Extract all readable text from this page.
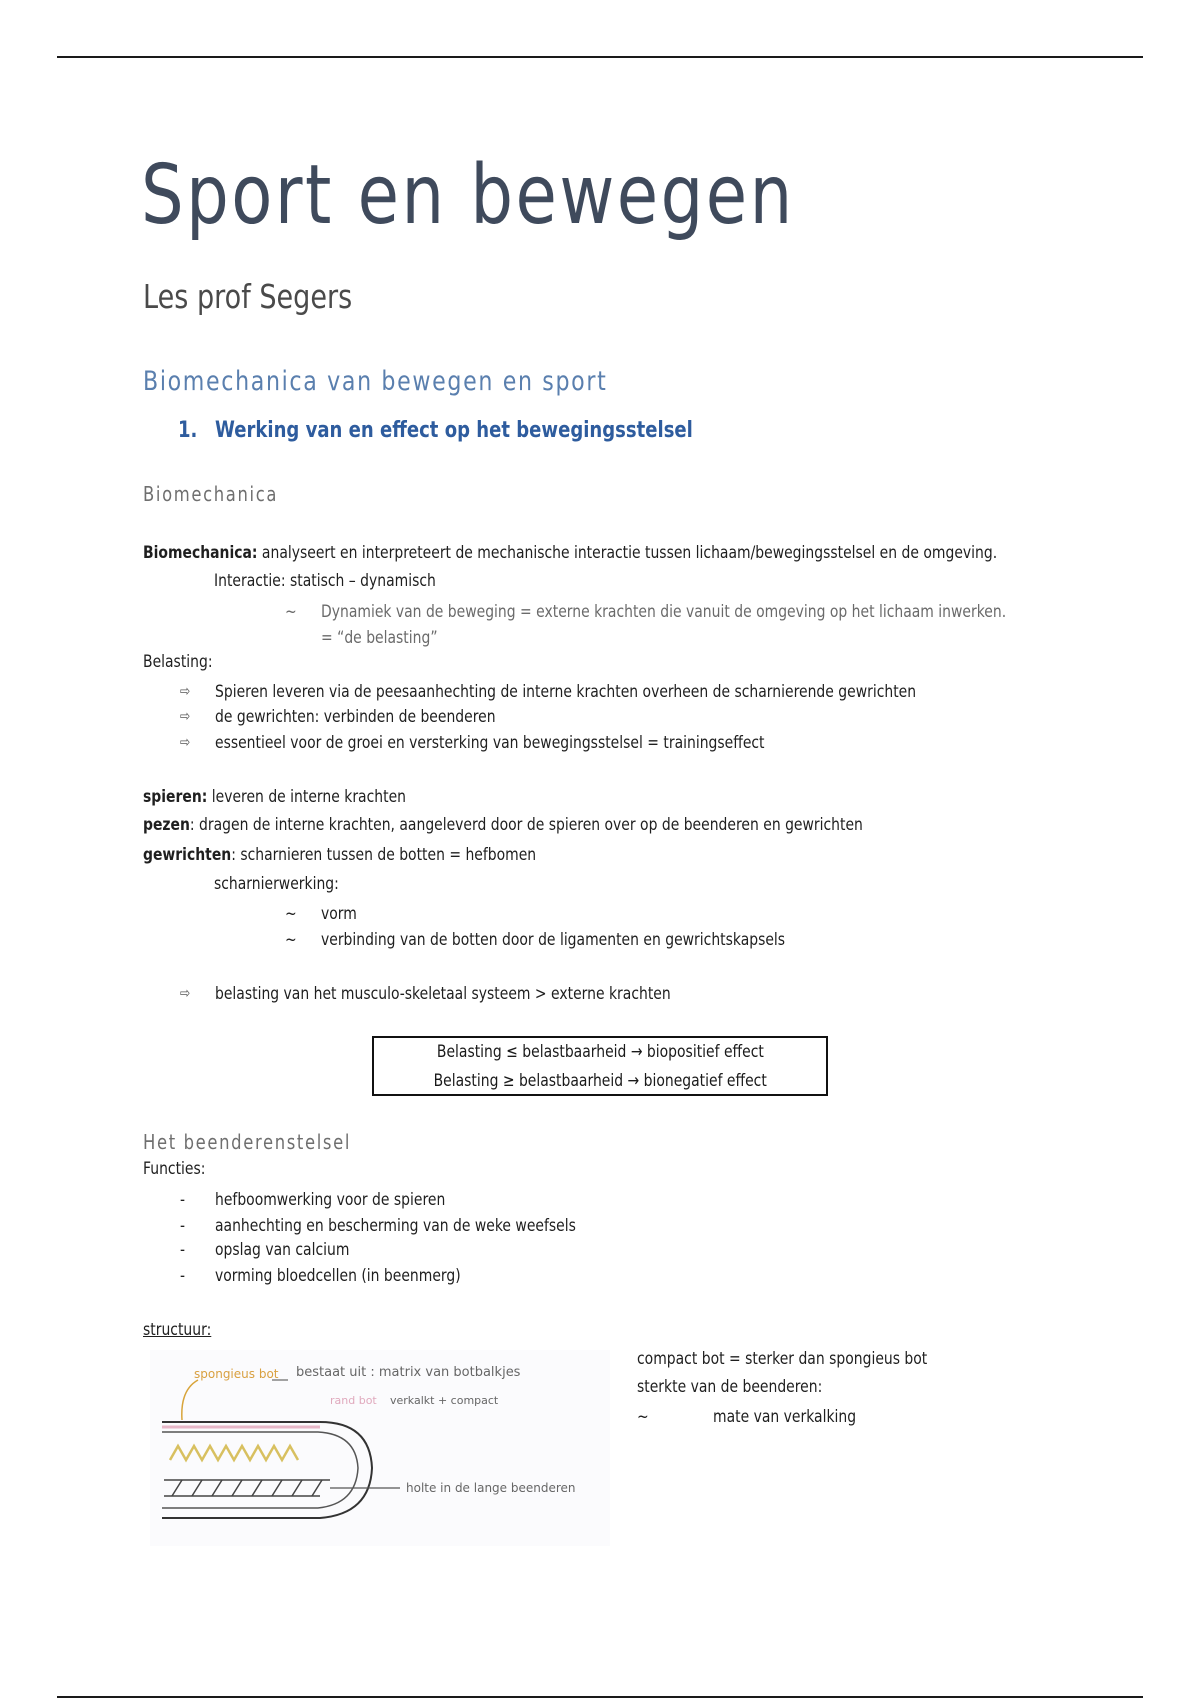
Sport en bewegen
Les prof Segers
Biomechanica van bewegen en sport
1. Werking van en effect op het bewegingsstelsel
Biomechanica
Biomechanica: analyseert en interpreteert de mechanische interactie tussen lichaam/bewegingsstelsel en de omgeving.
Interactie: statisch – dynamisch
~ Dynamiek van de beweging = externe krachten die vanuit de omgeving op het lichaam inwerken.
= “de belasting”
Belasting:
⇨ Spieren leveren via de peesaanhechting de interne krachten overheen de scharnierende gewrichten
⇨ de gewrichten: verbinden de beenderen
⇨ essentieel voor de groei en versterking van bewegingsstelsel = trainingseffect
spieren: leveren de interne krachten
pezen: dragen de interne krachten, aangeleverd door de spieren over op de beenderen en gewrichten
gewrichten: scharnieren tussen de botten = hefbomen
scharnierwerking:
~ vorm
~ verbinding van de botten door de ligamenten en gewrichtskapsels
⇨ belasting van het musculo-skeletaal systeem > externe krachten
Belasting ≤ belastbaarheid → biopositief effect
Belasting ≥ belastbaarheid → bionegatief effect
Het beenderenstelsel
Functies:
- hefboomwerking voor de spieren
- aanhechting en bescherming van de weke weefsels
- opslag van calcium
- vorming bloedcellen (in beenmerg)
structuur:
spongieus bot bestaat uit : matrix van botbalkjes
rand bot verkalkt + compact
holte in de lange beenderen
compact bot = sterker dan spongieus bot
sterkte van de beenderen:
~	mate van verkalking
